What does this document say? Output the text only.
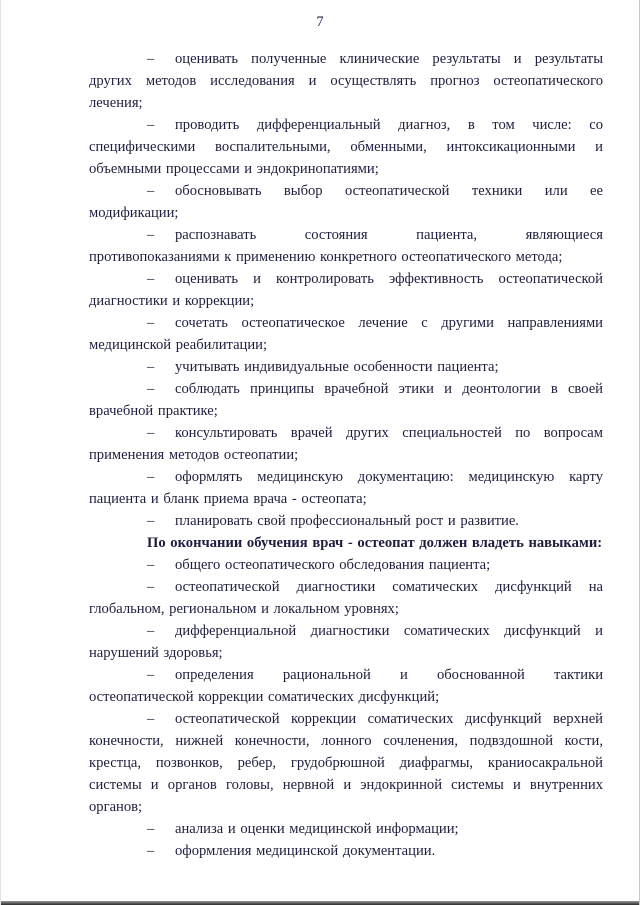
7

– оценивать полученные клинические результаты и результаты других методов исследования и осуществлять прогноз остеопатического лечения;

– проводить дифференциальный диагноз, в том числе: со специфическими воспалительными, обменными, интоксикационными и объемными процессами и эндокринопатиями;

– обосновывать выбор остеопатической техники или ее модификации;

– распознавать состояния пациента, являющиеся противопоказаниями к применению конкретного остеопатического метода;

– оценивать и контролировать эффективность остеопатической диагностики и коррекции;

– сочетать остеопатическое лечение с другими направлениями медицинской реабилитации;

– учитывать индивидуальные особенности пациента;

– соблюдать принципы врачебной этики и деонтологии в своей врачебной практике;

– консультировать врачей других специальностей по вопросам применения методов остеопатии;

– оформлять медицинскую документацию: медицинскую карту пациента и бланк приема врача - остеопата;

– планировать свой профессиональный рост и развитие.

По окончании обучения врач - остеопат должен владеть навыками:

– общего остеопатического обследования пациента;

– остеопатической диагностики соматических дисфункций на глобальном, региональном и локальном уровнях;

– дифференциальной диагностики соматических дисфункций и нарушений здоровья;

– определения рациональной и обоснованной тактики остеопатической коррекции соматических дисфункций;

– остеопатической коррекции соматических дисфункций верхней конечности, нижней конечности, лонного сочленения, подвздошной кости, крестца, позвонков, ребер, грудобрюшной диафрагмы, краниосакральной системы и органов головы, нервной и эндокринной системы и внутренних органов;

– анализа и оценки медицинской информации;

– оформления медицинской документации.
